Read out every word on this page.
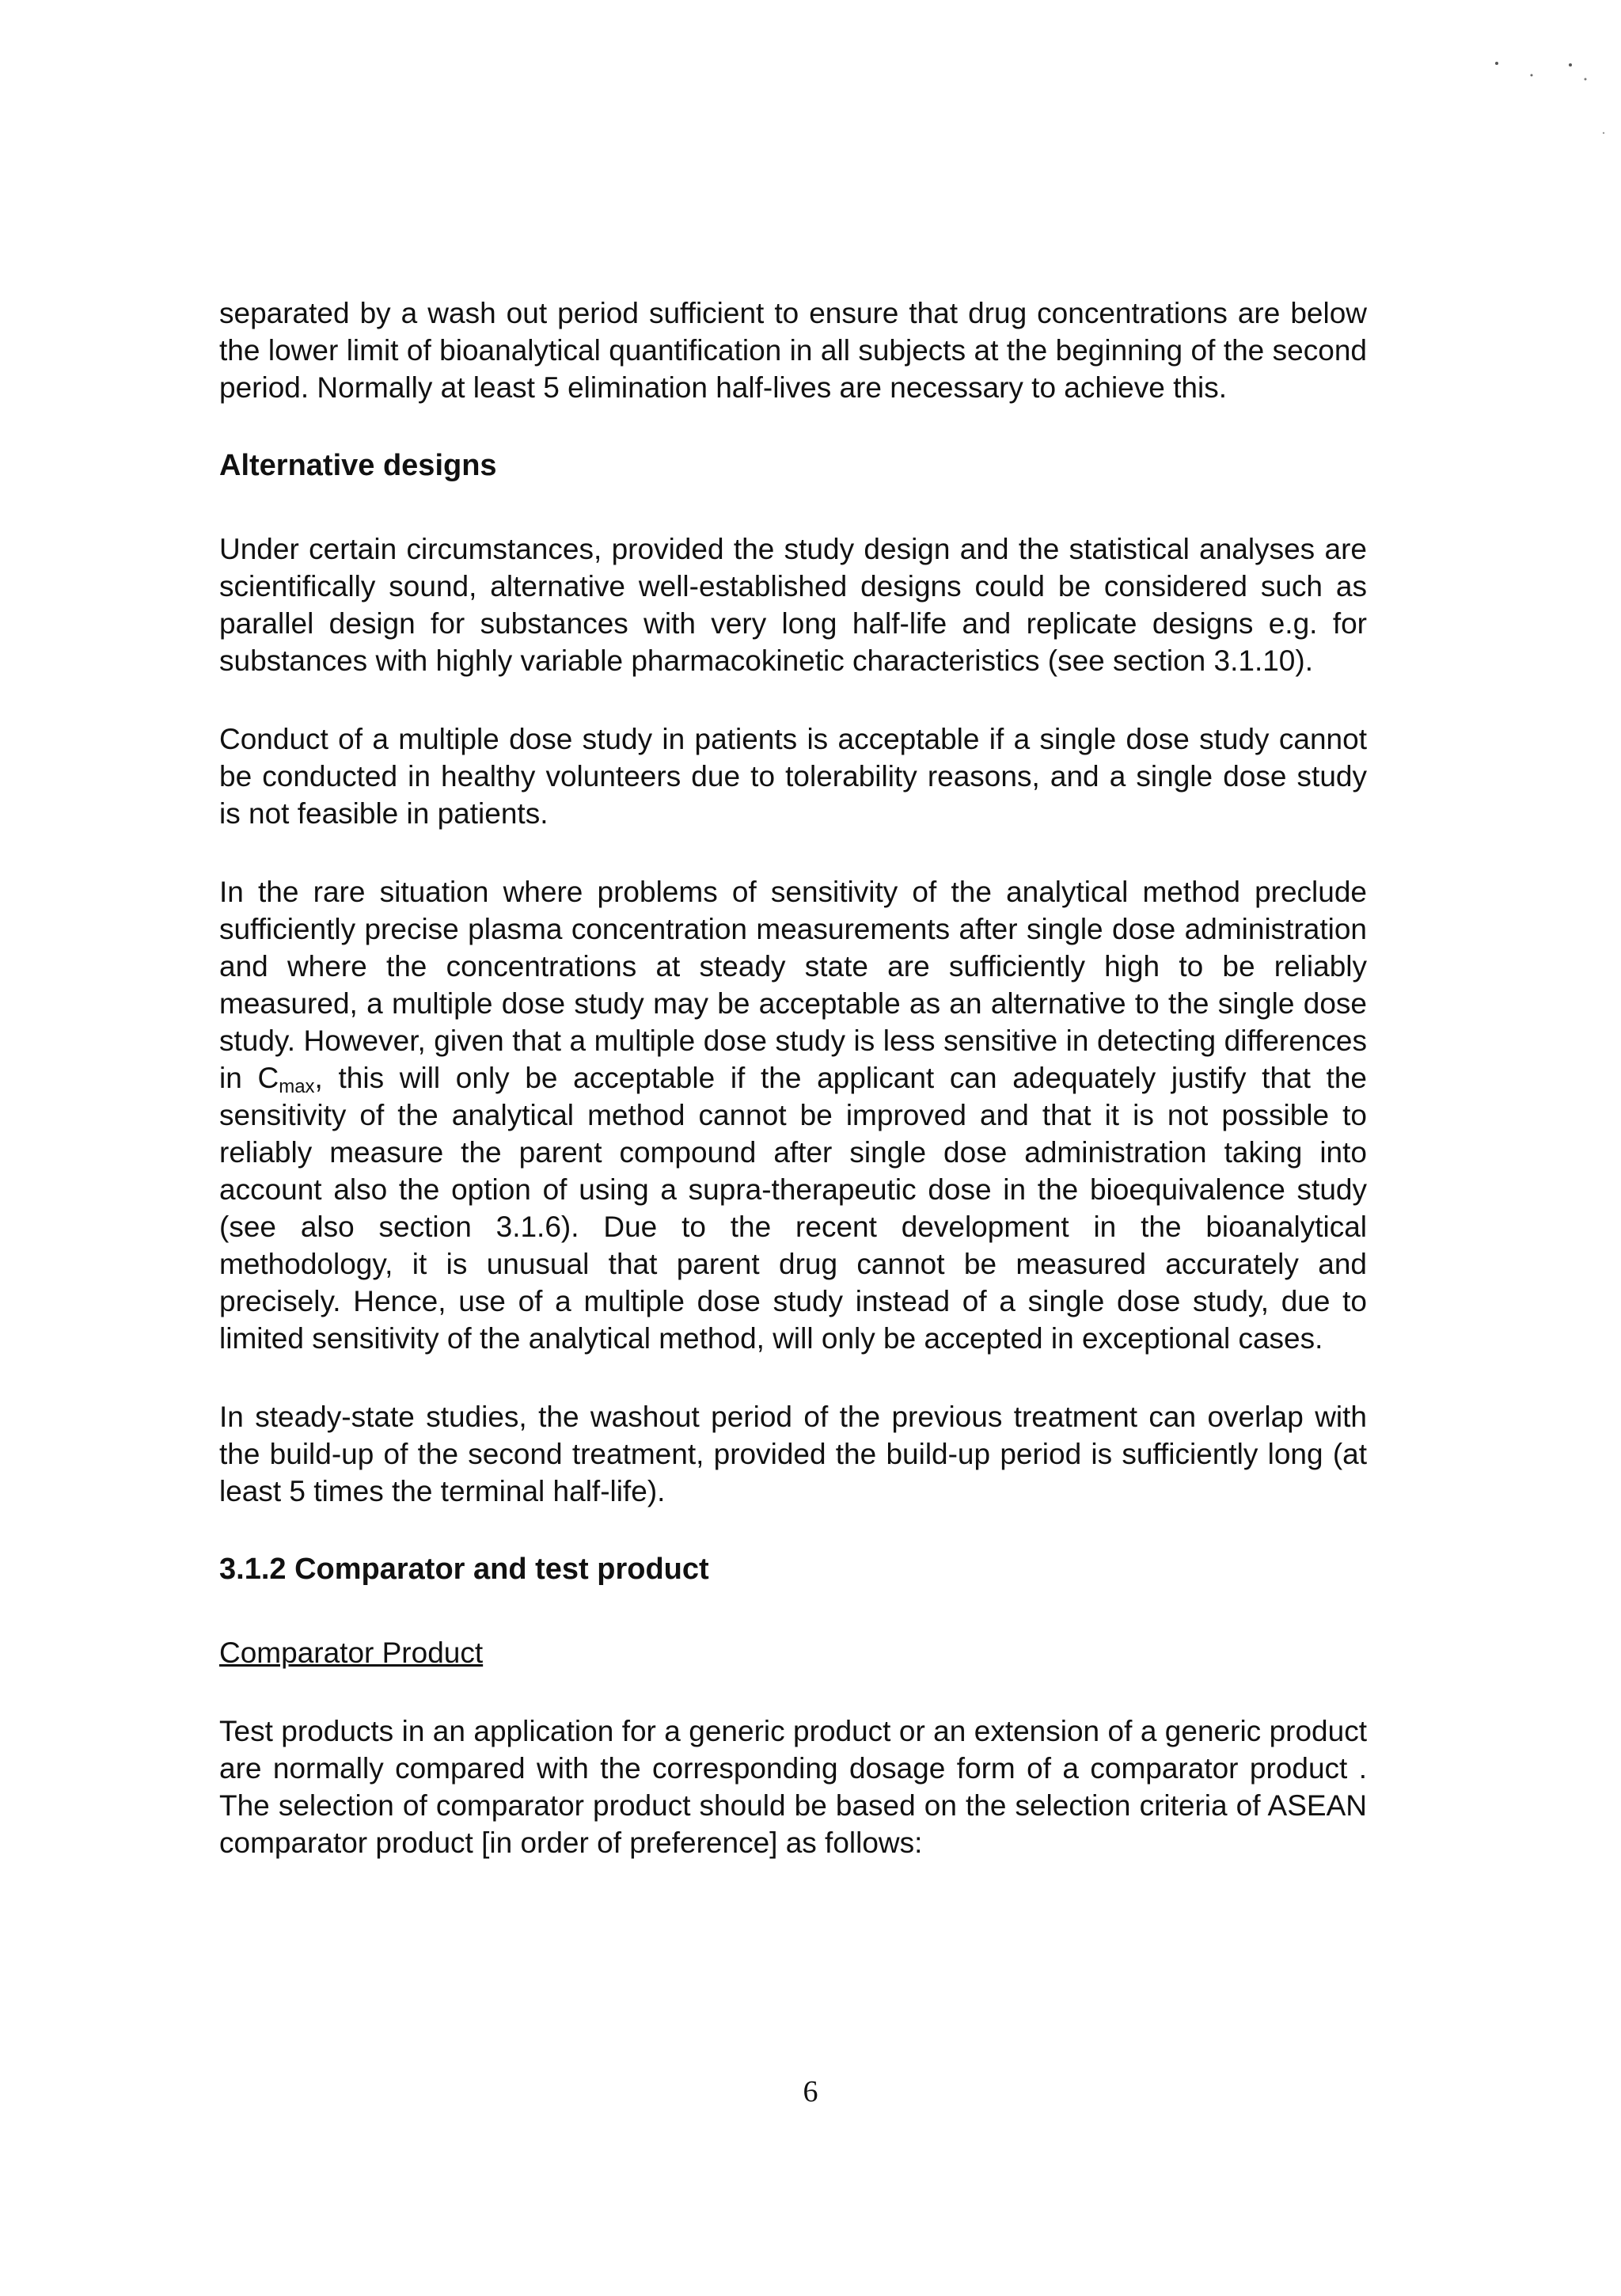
separated by a wash out period sufficient to ensure that drug concentrations are below the lower limit of bioanalytical quantification in all subjects at the beginning of the second period. Normally at least 5 elimination half-lives are necessary to achieve this.

Alternative designs

Under certain circumstances, provided the study design and the statistical analyses are scientifically sound, alternative well-established designs could be considered such as parallel design for substances with very long half-life and replicate designs e.g. for substances with highly variable pharmacokinetic characteristics (see section 3.1.10).

Conduct of a multiple dose study in patients is acceptable if a single dose study cannot be conducted in healthy volunteers due to tolerability reasons, and a single dose study is not feasible in patients.

In the rare situation where problems of sensitivity of the analytical method preclude sufficiently precise plasma concentration measurements after single dose administration and where the concentrations at steady state are sufficiently high to be reliably measured, a multiple dose study may be acceptable as an alternative to the single dose study. However, given that a multiple dose study is less sensitive in detecting differences in $C_{max}$, this will only be acceptable if the applicant can adequately justify that the sensitivity of the analytical method cannot be improved and that it is not possible to reliably measure the parent compound after single dose administration taking into account also the option of using a supra-therapeutic dose in the bioequivalence study (see also section 3.1.6). Due to the recent development in the bioanalytical methodology, it is unusual that parent drug cannot be measured accurately and precisely. Hence, use of a multiple dose study instead of a single dose study, due to limited sensitivity of the analytical method, will only be accepted in exceptional cases.

In steady-state studies, the washout period of the previous treatment can overlap with the build-up of the second treatment, provided the build-up period is sufficiently long (at least 5 times the terminal half-life).

3.1.2 Comparator and test product

Comparator Product

Test products in an application for a generic product or an extension of a generic product are normally compared with the corresponding dosage form of a comparator product . The selection of comparator product should be based on the selection criteria of ASEAN comparator product [in order of preference] as follows:

6
